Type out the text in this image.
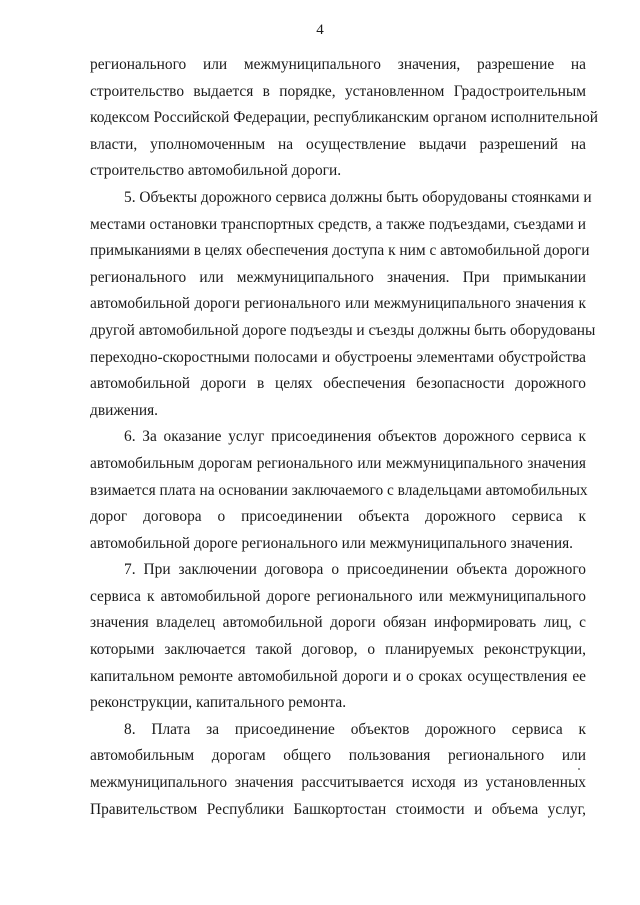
4
регионального или межмуниципального значения, разрешение на
строительство выдается в порядке, установленном Градостроительным
кодексом Российской Федерации, республиканским органом исполнительной
власти, уполномоченным на осуществление выдачи разрешений на
строительство автомобильной дороги.
5. Объекты дорожного сервиса должны быть оборудованы стоянками и
местами остановки транспортных средств, а также подъездами, съездами и
примыканиями в целях обеспечения доступа к ним с автомобильной дороги
регионального или межмуниципального значения. При примыкании
автомобильной дороги регионального или межмуниципального значения к
другой автомобильной дороге подъезды и съезды должны быть оборудованы
переходно-скоростными полосами и обустроены элементами обустройства
автомобильной дороги в целях обеспечения безопасности дорожного
движения.
6. За оказание услуг присоединения объектов дорожного сервиса к
автомобильным дорогам регионального или межмуниципального значения
взимается плата на основании заключаемого с владельцами автомобильных
дорог договора о присоединении объекта дорожного сервиса к
автомобильной дороге регионального или межмуниципального значения.
7. При заключении договора о присоединении объекта дорожного
сервиса к автомобильной дороге регионального или межмуниципального
значения владелец автомобильной дороги обязан информировать лиц, с
которыми заключается такой договор, о планируемых реконструкции,
капитальном ремонте автомобильной дороги и о сроках осуществления ее
реконструкции, капитального ремонта.
8. Плата за присоединение объектов дорожного сервиса к
автомобильным дорогам общего пользования регионального или
межмуниципального значения рассчитывается исходя из установленных
Правительством Республики Башкортостан стоимости и объема услуг,
